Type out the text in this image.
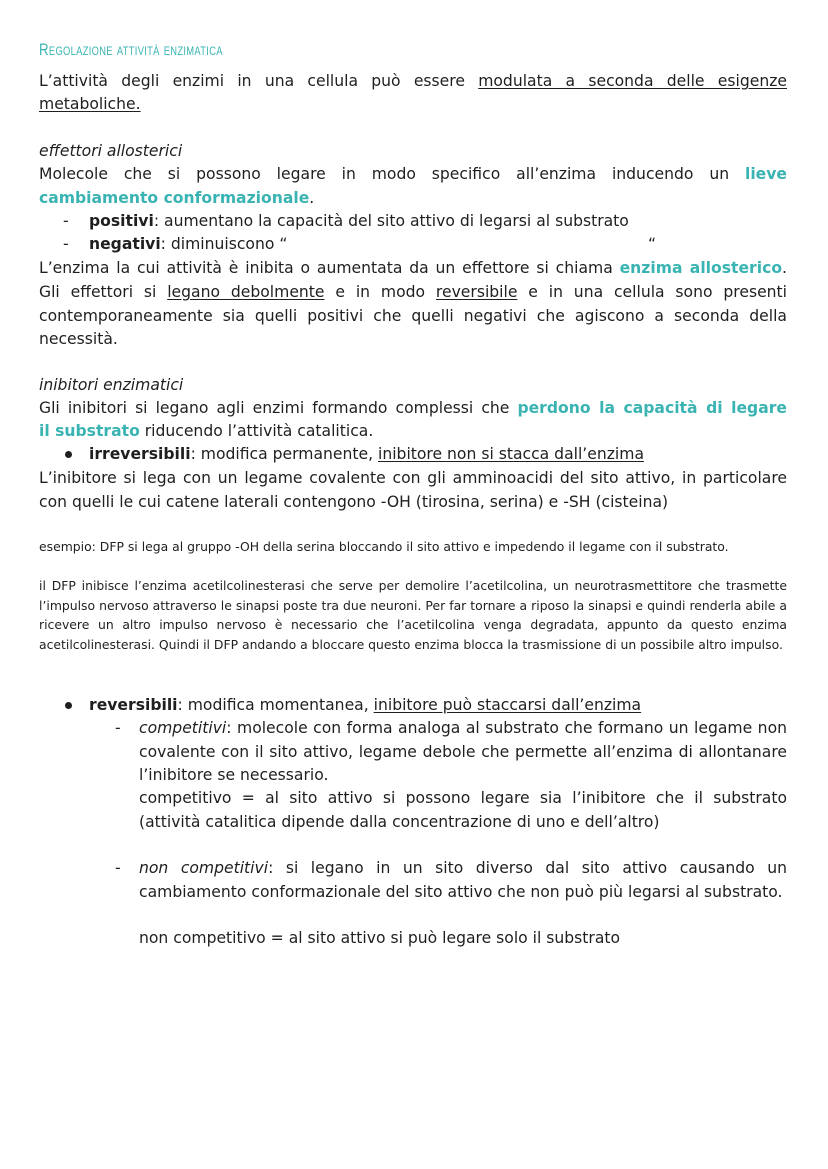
Regolazione attività enzimatica
L’attività degli enzimi in una cellula può essere modulata a seconda delle esigenze
metaboliche.
effettori allosterici
Molecole che si possono legare in modo specifico all’enzima inducendo un lieve
cambiamento conformazionale.
- positivi: aumentano la capacità del sito attivo di legarsi al substrato
- negativi: diminuiscono “	“
L’enzima la cui attività è inibita o aumentata da un effettore si chiama enzima allosterico.
Gli effettori si legano debolmente e in modo reversibile e in una cellula sono presenti contemporaneamente sia quelli positivi che quelli negativi che agiscono a seconda della necessità.
inibitori enzimatici
Gli inibitori si legano agli enzimi formando complessi che perdono la capacità di legare
il substrato riducendo l’attività catalitica.
irreversibili: modifica permanente, inibitore non si stacca dall’enzima
L’inibitore si lega con un legame covalente con gli amminoacidi del sito attivo, in particolare con quelli le cui catene laterali contengono -OH (tirosina, serina) e -SH (cisteina)
esempio: DFP si lega al gruppo -OH della serina bloccando il sito attivo e impedendo il legame con il substrato.
il DFP inibisce l’enzima acetilcolinesterasi che serve per demolire l’acetilcolina, un neurotrasmettitore che trasmette l’impulso nervoso attraverso le sinapsi poste tra due neuroni. Per far tornare a riposo la sinapsi e quindi renderla abile a ricevere un altro impulso nervoso è necessario che l’acetilcolina venga degradata, appunto da questo enzima acetilcolinesterasi. Quindi il DFP andando a bloccare questo enzima blocca la trasmissione di un possibile altro impulso.
reversibili: modifica momentanea, inibitore può staccarsi dall’enzima
- competitivi: molecole con forma analoga al substrato che formano un legame non covalente con il sito attivo, legame debole che permette all’enzima di allontanare l’inibitore se necessario.
competitivo = al sito attivo si possono legare sia l’inibitore che il substrato (attività catalitica dipende dalla concentrazione di uno e dell’altro)
- non competitivi: si legano in un sito diverso dal sito attivo causando un cambiamento conformazionale del sito attivo che non può più legarsi al substrato.
non competitivo = al sito attivo si può legare solo il substrato
